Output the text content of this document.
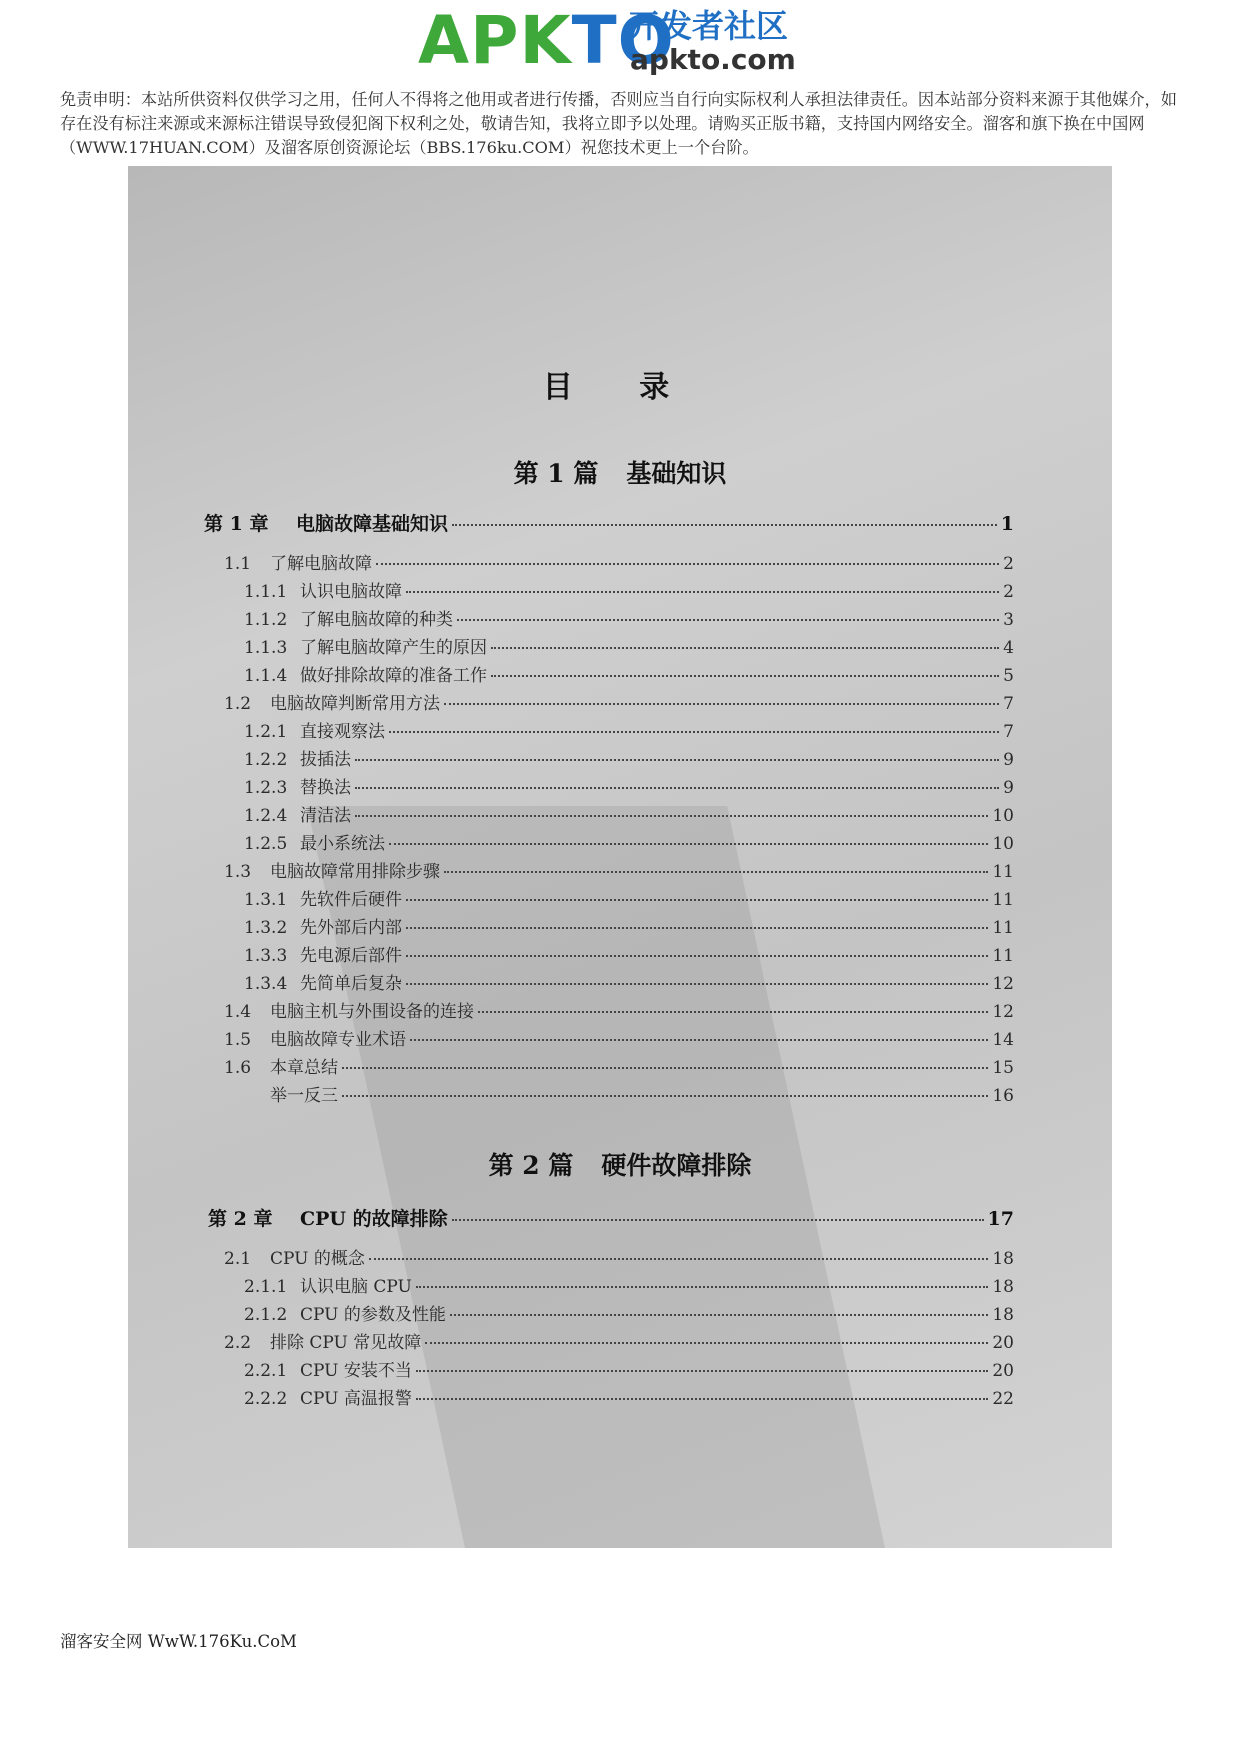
APKTO
开发者社区
apkto.com
免责申明：本站所供资料仅供学习之用，任何人不得将之他用或者进行传播，否则应当自行向实际权利人承担法律责任。因本站部分资料来源于其他媒介，如存在没有标注来源或来源标注错误导致侵犯阁下权利之处，敬请告知，我将立即予以处理。请购买正版书籍，支持国内网络安全。溜客和旗下换在中国网（WWW.17HUAN.COM）及溜客原创资源论坛（BBS.176ku.COM）祝您技术更上一个台阶。
目 录
第 1 篇 基础知识
第 1 章	电脑故障基础知识	1
1.1	了解电脑故障	2
1.1.1 认识电脑故障	2
1.1.2 了解电脑故障的种类	3
1.1.3 了解电脑故障产生的原因	4
1.1.4 做好排除故障的准备工作	5
1.2	电脑故障判断常用方法	7
1.2.1 直接观察法	7
1.2.2 拔插法	9
1.2.3 替换法	9
1.2.4 清洁法	10
1.2.5 最小系统法	10
1.3	电脑故障常用排除步骤	11
1.3.1 先软件后硬件	11
1.3.2 先外部后内部	11
1.3.3 先电源后部件	11
1.3.4 先简单后复杂	12
1.4	电脑主机与外围设备的连接	12
1.5	电脑故障专业术语	14
1.6	本章总结	15
举一反三	16
第 2 篇 硬件故障排除
第 2 章	CPU 的故障排除	17
2.1	CPU 的概念	18
2.1.1 认识电脑 CPU	18
2.1.2 CPU 的参数及性能	18
2.2	排除 CPU 常见故障	20
2.2.1 CPU 安装不当	20
2.2.2 CPU 高温报警	22
溜客安全网 WwW.176Ku.CoM
